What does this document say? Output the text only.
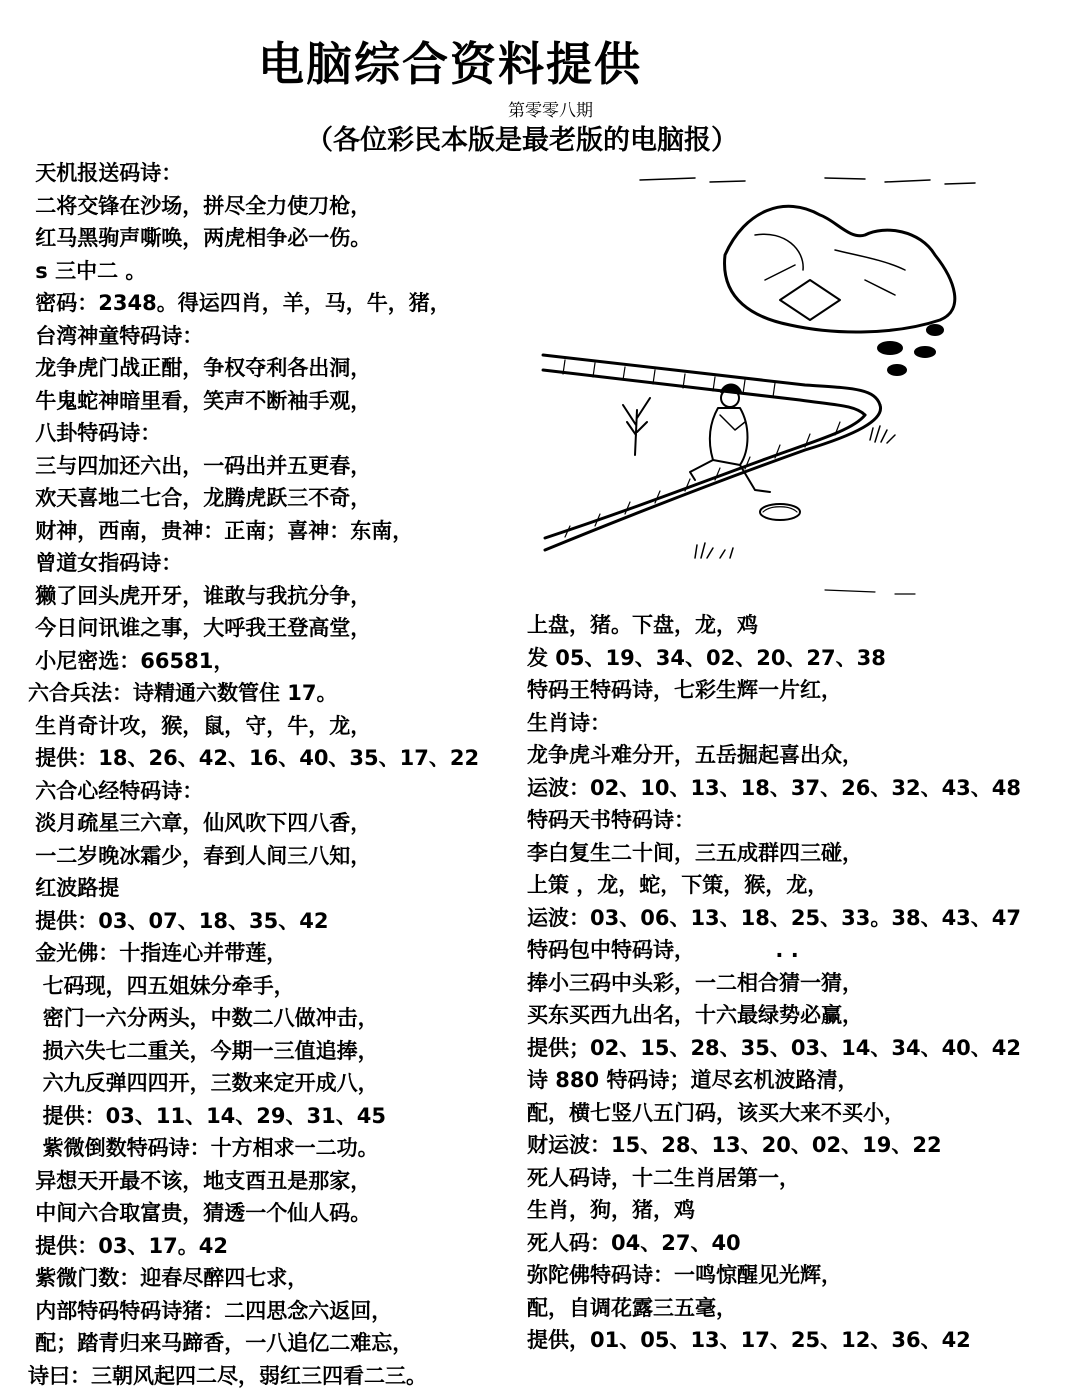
电脑综合资料提供
第零零八期
（各位彩民本版是最老版的电脑报）
天机报送码诗：
二将交锋在沙场，拼尽全力使刀枪，
红马黑驹声嘶唤，两虎相争必一伤。
s 三中二 。
密码：2348。得运四肖，羊，马，牛，猪，
台湾神童特码诗：
龙争虎门战正酣，争权夺利各出洞，
牛鬼蛇神暗里看，笑声不断袖手观，
八卦特码诗：
三与四加还六出，一码出并五更春，
欢天喜地二七合，龙腾虎跃三不奇，
财神，西南，贵神：正南；喜神：东南，
曾道女指码诗：
獭了回头虎开牙，谁敢与我抗分争，
今日问讯谁之事，大呼我王登高堂，
小尼密选：66581，
六合兵法：诗精通六数管住 17。
生肖奇计攻，猴，鼠，守，牛，龙，
提供：18、26、42、16、40、35、17、22
六合心经特码诗：
淡月疏星三六章，仙风吹下四八香，
一二岁晚冰霜少，春到人间三八知，
红波路提
提供：03、07、18、35、42
金光佛：十指连心并带莲，
七码现，四五姐妹分牵手，
密门一六分两头，中数二八做冲击，
损六失七二重关，今期一三值追捧，
六九反弹四四开，三数来定开成八，
提供：03、11、14、29、31、45
紫微倒数特码诗：十方相求一二功。
异想天开最不该，地支酉丑是那家，
中间六合取富贵，猜透一个仙人码。
提供：03、17。42
紫微门数：迎春尽醉四七求，
内部特码特码诗猪：二四思念六返回，
配；踏青归来马蹄香，一八追亿二难忘，
诗曰：三朝风起四二尽，弱红三四看二三。
上盘，猪。下盘，龙，鸡
发 05、19、34、02、20、27、38
特码王特码诗，七彩生辉一片红，
生肖诗：
龙争虎斗难分开，五岳掘起喜出众，
运波：02、10、13、18、37、26、32、43、48
特码天书特码诗：
李白复生二十间，三五成群四三碰，
上策 ，龙，蛇，下策，猴，龙，
运波：03、06、13、18、25、33。38、43、47
特码包中特码诗，           . .
捧小三码中头彩，一二相合猜一猜，
买东买西九出名，十六最绿势必赢，
提供；02、15、28、35、03、14、34、40、42
诗 880 特码诗；道尽玄机波路清，
配，横七竖八五门码，该买大来不买小，
财运波：15、28、13、20、02、19、22
死人码诗，十二生肖居第一，
生肖，狗，猪，鸡
死人码：04、27、40
弥陀佛特码诗：一鸣惊醒见光辉，
配，自调花露三五毫，
提供，01、05、13、17、25、12、36、42
